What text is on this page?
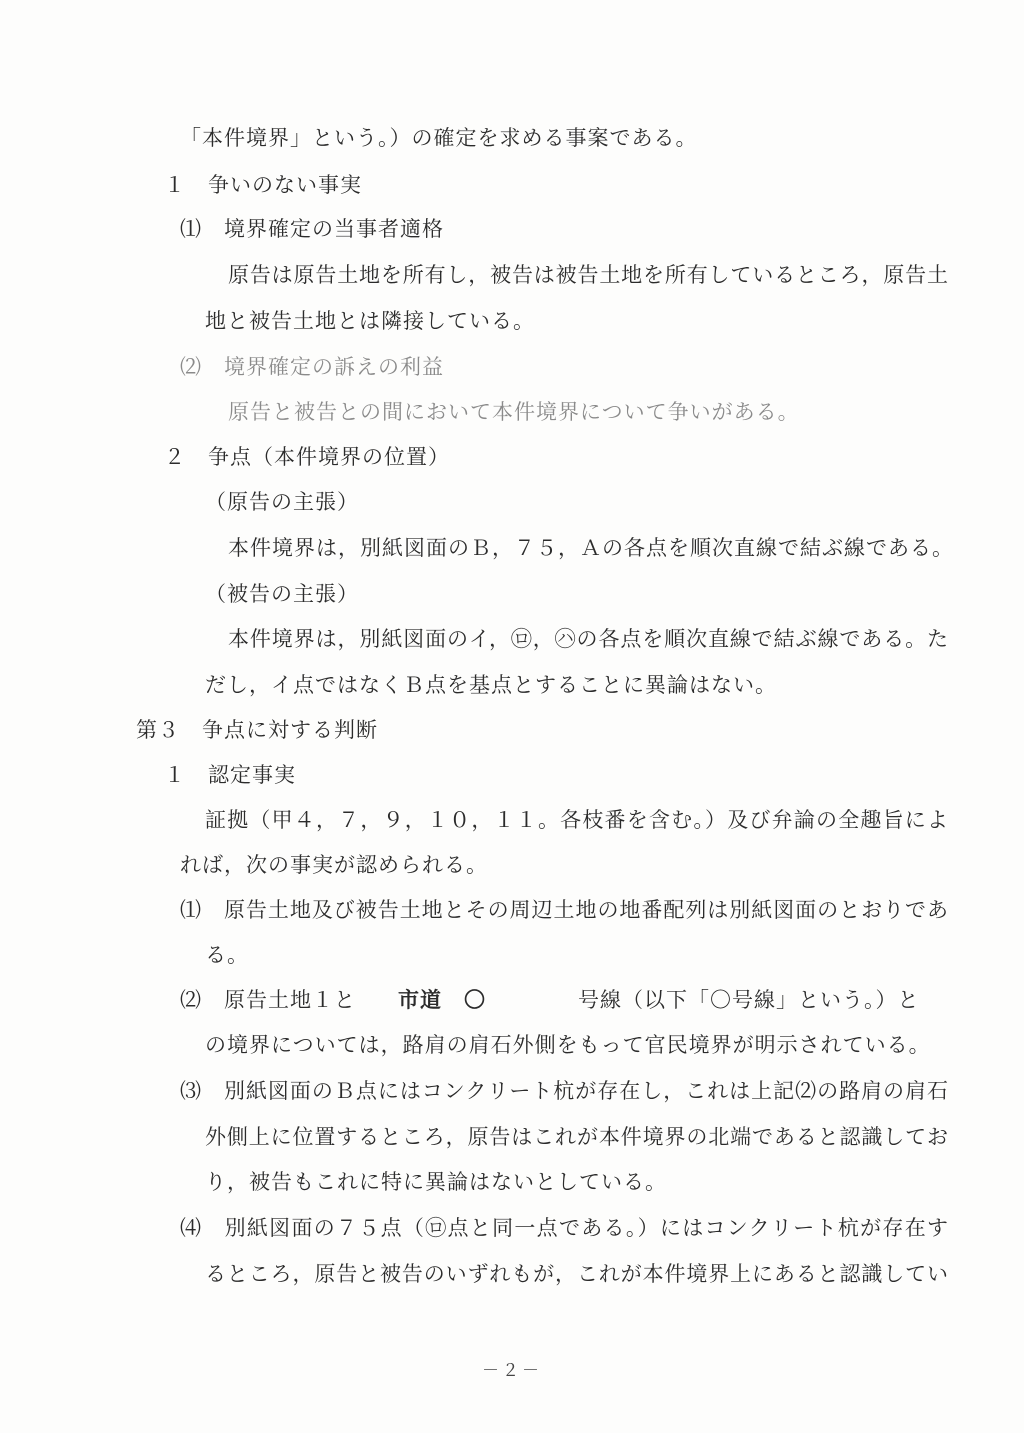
「本件境界」という。）の確定を求める事案である。
１　争いのない事実
⑴　境界確定の当事者適格
原告は原告土地を所有し，被告は被告土地を所有しているところ，原告土
地と被告土地とは隣接している。
⑵　境界確定の訴えの利益
原告と被告との間において本件境界について争いがある。
２　争点（本件境界の位置）
（原告の主張）
本件境界は，別紙図面のＢ，７５，Ａの各点を順次直線で結ぶ線である。
（被告の主張）
本件境界は，別紙図面のイ，㋺，㋩の各点を順次直線で結ぶ線である。た
だし，イ点ではなくＢ点を基点とすることに異論はない。
第３　争点に対する判断
１　認定事実
証拠（甲４，７，９，１０，１１。各枝番を含む。）及び弁論の全趣旨によ
れば，次の事実が認められる。
⑴　原告土地及び被告土地とその周辺土地の地番配列は別紙図面のとおりであ
る。
⑵　原告土地１と 市道　〇	号線（以下「〇号線」という。）と
の境界については，路肩の肩石外側をもって官民境界が明示されている。
⑶　別紙図面のＢ点にはコンクリート杭が存在し，これは上記⑵の路肩の肩石
外側上に位置するところ，原告はこれが本件境界の北端であると認識してお
り，被告もこれに特に異論はないとしている。
⑷　別紙図面の７５点（㋺点と同一点である。）にはコンクリート杭が存在す
るところ，原告と被告のいずれもが，これが本件境界上にあると認識してい
－２－
